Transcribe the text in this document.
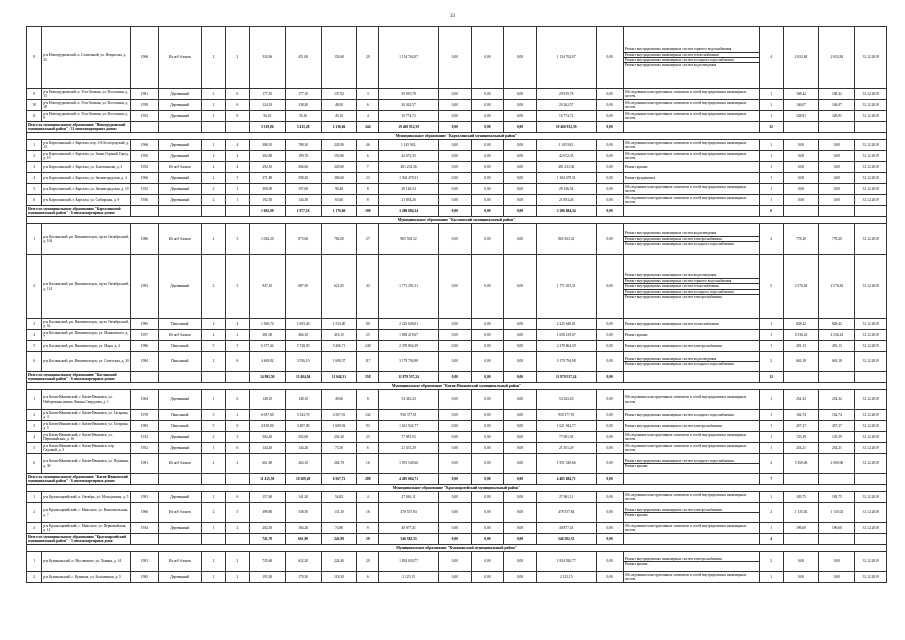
33
8	р-н Новогрудковский, п. Солнечный, ул. Некрасова, д. 35	1966	Из ж/б блоков	2	2	532,06	451,00	152,60	20	1 134 762,07	0,00	0,00	0,00	1 134 762,07	0,00	Ремонт внутридомовых инженерных систем горячего водоснабжения
Ремонт внутридомовых инженерных систем теплоснабжения
Ремонт внутридомовых инженерных систем холодного водоснабжения
Ремонт внутридомовых инженерных систем водоотведения	4	2 652,84	2 652,84	31.12.2018
9	р-н Новогрудковский, п. Усть-Бовкин, ул. Восточная, д. 13	1981	Деревянный	2	6	177,10	177,10	137,92	3	29 819,78	0,00	0,00	0,00	29 819,78	0,00	Обследование конструктивных элементов и сетей внутридомовых инженерных систем	1	168,42	168,42	31.12.2018
10	р-н Новогрудковский, п. Усть-Бовкин, ул. Восточная, д. 18	1959	Деревянный	2	6	124,10	138,40	48,00	6	20 262,57	0,00	0,00	0,00	20 262,57	0,00	Обследование конструктивных элементов и сетей внутридомовых инженерных систем	1	146,07	146,07	31.12.2018
11	р-н Новогрудковский, п. Усть-Бовкин, ул. Восточная, д. 9	1953	Деревянный	1	6	56,10	56,10	45,10	4	16 774,72	0,00	0,00	0,00	16 774,72	0,00	Обследование конструктивных элементов и сетей внутридомовых инженерных систем	1	328,91	328,91	31.12.2018
Итого по муниципальному образованию "Новогрудковский муниципальный район" - 11 многоквартирных домов:						5 319,86	5 415,28	2 136,66	244	19 460 912,59	0,00	0,00	0,00	19 460 912,59	0,00		32			
Муниципальное образование "Карталинский муниципальный район"																				
1	р-н Карталинский, г. Карталы, пер. 3-й Белгородский, д. 13	1966	Деревянный	1	4	388,10	788,10	245,90	46	1 145 943,	0,00	0,00	0,00	1 145 943,	0,00	Обследование конструктивных элементов и сетей внутридомовых инженерных систем	1	0,00	0,00	31.12.2018
2	р-н Карталинский, г. Карталы, ул. Закки Горький Город, д. 19	1950	Деревянный	2	2	202,80	199,70	153,80	6	42 672,35	0,00	0,00	0,00	42 672,35	0,00	Обследование конструктивных элементов и сетей внутридомовых инженерных систем	1	0,00	0,00	31.12.2019
3	р-н Карталинский, г. Карталы, ул. Болотникова, д. 3	1952	Из ж/б блоков	2	4	292,10	266,60	229,60	7	481 233,36	0,00	0,00	0,00	481 233,36	0,00	Ремонт крыши	1	0,00	0,00	31.12.2018
4	р-н Карталинский, г. Карталы, ул. Звенигородская, д. 4	1966	Деревянный	2	5	371,80	398,20	300,60	23	1 304 479,31	0,00	0,00	0,00	1 304 479,31	0,00	Ремонт фундамента	1	0,00	0,00	31.12.2018
5	р-н Карталинский, г. Карталы, ул. Звенигородская, д. 10	1952	Деревянный	2	1	300,00	197,00	96,40	8	29 146,54	0,00	0,00	0,00	29 146,54	0,00	Обследование конструктивных элементов и сетей внутридомовых инженерных систем	1	0,00	0,00	31.12.2018
6	р-н Карталинский, г. Карталы, ул. Сибирская, д. 9	1936	Деревянный	2	1	192,50	144,30	63,60	8	21 854,26	0,00	0,00	0,00	21 854,26	0,00	Обследование конструктивных элементов и сетей внутридомовых инженерных систем	1	0,00	0,00	31.12.2019
Итого по муниципальному образованию "Карталинский муниципальный район" - 6 многоквартирных домов:						1 692,00	1 977,10	1 176,60	100	3 286 684,34	0,00	0,00	0,00	3 286 684,34	0,00		6			
Муниципальное образование "Каслинский муниципальный район"																				
1	р-н Каслинский, рп. Вишневогорск, пр-кт Октябрьский, д. 104	1986	Из ж/б блоков	2	5	1 044,20	873,60	782,00	27	865 563,52	0,00	0,00	0,00	865 563,52	0,00	Ремонт внутридомовых инженерных систем водоотведения
Ремонт внутридомовых инженерных систем электроснабжения
Ремонт внутридомовых инженерных систем холодного водоснабжения	2	778,20	778,20	31.12.2018
2	р-н Каслинский, рп. Вишневогорск, пр-кт Октябрьский, д. 114	1993	Деревянный	2	5	947,10	687,50	621,05	43	1 771 291,31	0,00	0,00	0,00	1 771 291,31	0,00	Ремонт внутридомовых инженерных систем водоотведения
Ремонт внутридомовых инженерных систем горячего водоснабжения
Ремонт внутридомовых инженерных систем теплоснабжения
Ремонт внутридомовых инженерных систем холодного водоснабжения
Ремонт внутридомовых инженерных систем электроснабжения	5	2 576,82	2 576,82	31.12.2018
3	р-н Каслинский, рп. Вишневогорск, пр-кт Октябрьский, д. 52	1985	Панельный	2	4	1 560,74	1 693,40	1 533,00	80	2 225 640,01	0,00	0,00	0,00	2 225 640,01	0,00	Ремонт внутридомовых инженерных систем теплоснабжения	1	828,42	828,42	31.12.2018
4	р-н Каслинский, рп. Вишневогорск, ул. Маяковского, д. 7	1957	Из ж/б блоков	2	2	381,00	466,10	416,15	25	1 658 219,67	0,00	0,00	0,00	1 658 219,67	0,00	Ремонт крыши	1	4 536,43	4 536,43	31.12.2018
5	р-н Каслинский, рп. Вишневогорск, ул. Мира, д. 4	1986	Панельный	5	5	6 377,44	5 728,50	5 206,71	248	2 378 864,39	0,00	0,00	0,00	2 378 864,39	0,00	Ремонт внутридомовых инженерных систем электроснабжения	1	491,13	491,13	31.12.2019
6	р-н Каслинский, рп. Вишневогорск, ул. Советская, д. 30	1984	Панельный	2	6	4 469,82	3 556,10	1 608,37	117	3 179 794,98	0,00	0,00	0,00	3 179 794,98	0,00	Ремонт внутридомовых инженерных систем водоотведения
Ремонт внутридомовых инженерных систем холодного водоснабжения	2	663,18	663,18	31.12.2019
Итого по муниципальному образованию "Каслинский муниципальный район" - 6 многоквартирных домов:						14 992,50	13 404,94	11 044,31	558	11 879 537,24	0,00	0,00	0,00	11 879 537,24	0,00		12			
Муниципальное образование "Катав-Ивановский муниципальный район"																				
1	р-н Катав-Ивановский, г. Катав-Ивановск, ул. Набережная имени Ленина Свердлова, д. 1	1964	Деревянный	1	6	148,10	148,10	49,60	8	54 343,43	0,00	0,00	0,00	54 343,43	0,00	Обследование конструктивных элементов и сетей внутридомовых инженерных систем	1	254,32	254,32	31.12.2018
2	р-н Катав-Ивановский, г. Катав-Ивановск, ул. Гагарина, д. 4	1978	Панельный	5	2	6 057,60	5 343,70	4 567,91	142	930 377,91	0,00	0,00	0,00	930 377,91	0,00	Ремонт внутридомовых инженерных систем холодного водоснабжения	1	162,74	162,74	31.12.2019
3	р-н Катав-Ивановский, г. Катав-Ивановск, ул. Гагарина, д. 5	1983	Панельный	5	6	4 818,00	3 487,00	1 609,92	93	1 621 942,77	0,00	0,00	0,00	1 621 942,77	0,00	Ремонт внутридомовых инженерных систем электроснабжения	1	457,37	457,37	31.12.2018
4	р-н Катав-Ивановский, г. Катав-Ивановск, ул. Первомайская, д. 16	1912	Деревянный	2	5	502,40	302,00	292,20	23	77 081,92	0,00	0,00	0,00	77 081,92	0,00	Обследование конструктивных элементов и сетей внутридомовых инженерных систем	1	135,39	135,39	31.12.2018
5	р-н Катав-Ивановский, г. Катав-Ивановск, пер. Садовый, д. 3	1952	Деревянный	1	6	144,20	144,20	73,50	6	21 351,29	0,00	0,00	0,00	21 351,29	0,00	Обследование конструктивных элементов и сетей внутридомовых инженерных систем	1	254,21	254,21	31.12.2019
6	р-н Катав-Ивановский, г. Катав-Ивановск, ул. Пушкина, д. 30	1981	Из ж/б блоков	2	2	661,80	264,10	264,70	16	1 951 549,66	0,00	0,00	0,00	1 951 549,66	0,00	Ремонт внутридомовых инженерных систем холодного водоснабжения
Ремонт крыши	2	5 569,06	2 569,06	31.12.2018
Итого по муниципальному образованию "Катав-Ивановский муниципальный район" - 6 многоквартирных домов:						11 415,50	10 209,20	6 567,72	288	4 405 684,71	0,00	0,00	0,00	4 405 684,71	0,00		7			
Муниципальное образование "Красноармейский муниципальный район"																				
1	р-н Красноармейский, п. Октябрь, ул. Молодежная, д. 5	1981	Деревянный	2	6	157,60	141,20	54,82	4	27 061,11	0,00	0,00	0,00	27 061,11	0,00	Обследование конструктивных элементов и сетей внутридомовых инженерных систем	1	183,75	183,75	31.12.2018
2	р-н Красноармейский, с. Миасское, ул. Комсомольская, д. 7	1966	Из ж/б блоков	2	5	389,80	338,50	131,10	16	478 557,84	0,00	0,00	0,00	478 557,84	0,00	Ремонт внутридомовых инженерных систем электроснабжения
Ремонт крыши	2	1 135,02	1 135,02	31.12.2018
3	р-н Красноармейский, с. Миасское, ул. Первомайская, д. 12	1934	Деревянный	1	2	202,30	184,20	74,80	9	40 877,41	0,00	0,00	0,00	40 877,41	0,00	Обследование конструктивных элементов и сетей внутридомовых инженерных систем	1	196,60	196,60	31.12.2018
Итого по муниципальному образованию "Красноармейский муниципальный район" - 3 многоквартирных дома:						741,70	661,90	242,99	29	546 582,33	0,00	0,00	0,00	546 582,33	0,00		4			
Муниципальное образование "Кунашакский муниципальный район"																				
1	р-н Кунашакский, п. Муслюмово, ул. Ленина, д. 14	1981	Из ж/б блоков	2	2	725,60	622,20	224,40	20	1 834 020,77	0,00	0,00	0,00	1 834 020,77	0,00	Ремонт внутридомовых инженерных систем электроснабжения
Ремонт крыши	2	0,00	0,00	31.12.2019
2	р-н Кунашакский, с. Кунашак, ул. Больничная, д. 5	1982	Деревянный	2	2	195,30	170,30	118,30	6	2 125,15	0,00	0,00	0,00	2 125,15	0,00	Обследование конструктивных элементов и сетей внутридомовых инженерных систем	1	0,00	0,00	31.12.2019
